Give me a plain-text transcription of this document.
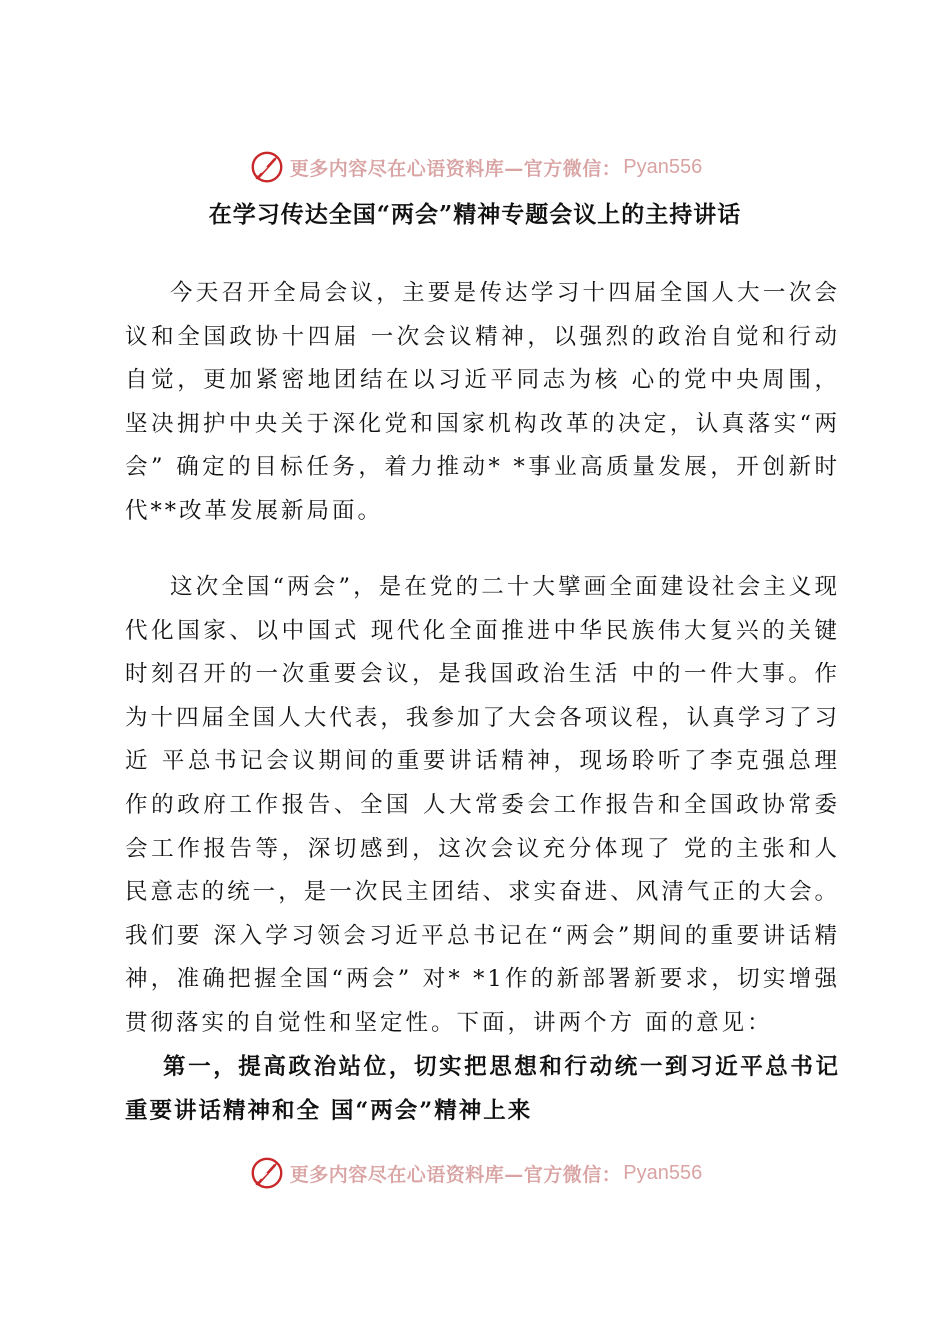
更多内容尽在心语资料库—官方微信： Pyan556
在学习传达全国“两会”精神专题会议上的主持讲话

今天召开全局会议，主要是传达学习十四届全国人大一次会议和全国政协十四届 一次会议精神，以强烈的政治自觉和行动自觉，更加紧密地团结在以习近平同志为核 心的党中央周围，坚决拥护中央关于深化党和国家机构改革的决定，认真落实“两会” 确定的目标任务，着力推动* *事业高质量发展，开创新时代**改革发展新局面。

这次全国“两会”，是在党的二十大擘画全面建设社会主义现代化国家、以中国式 现代化全面推进中华民族伟大复兴的关键时刻召开的一次重要会议，是我国政治生活 中的一件大事。作为十四届全国人大代表，我参加了大会各项议程，认真学习了习近 平总书记会议期间的重要讲话精神，现场聆听了李克强总理作的政府工作报告、全国 人大常委会工作报告和全国政协常委会工作报告等，深切感到，这次会议充分体现了 党的主张和人民意志的统一，是一次民主团结、求实奋进、风清气正的大会。我们要 深入学习领会习近平总书记在“两会”期间的重要讲话精神，准确把握全国“两会” 对* *1作的新部署新要求，切实增强贯彻落实的自觉性和坚定性。下面，讲两个方 面的意见：

第一，提高政治站位，切实把思想和行动统一到习近平总书记重要讲话精神和全 国“两会”精神上来

更多内容尽在心语资料库—官方微信： Pyan556
